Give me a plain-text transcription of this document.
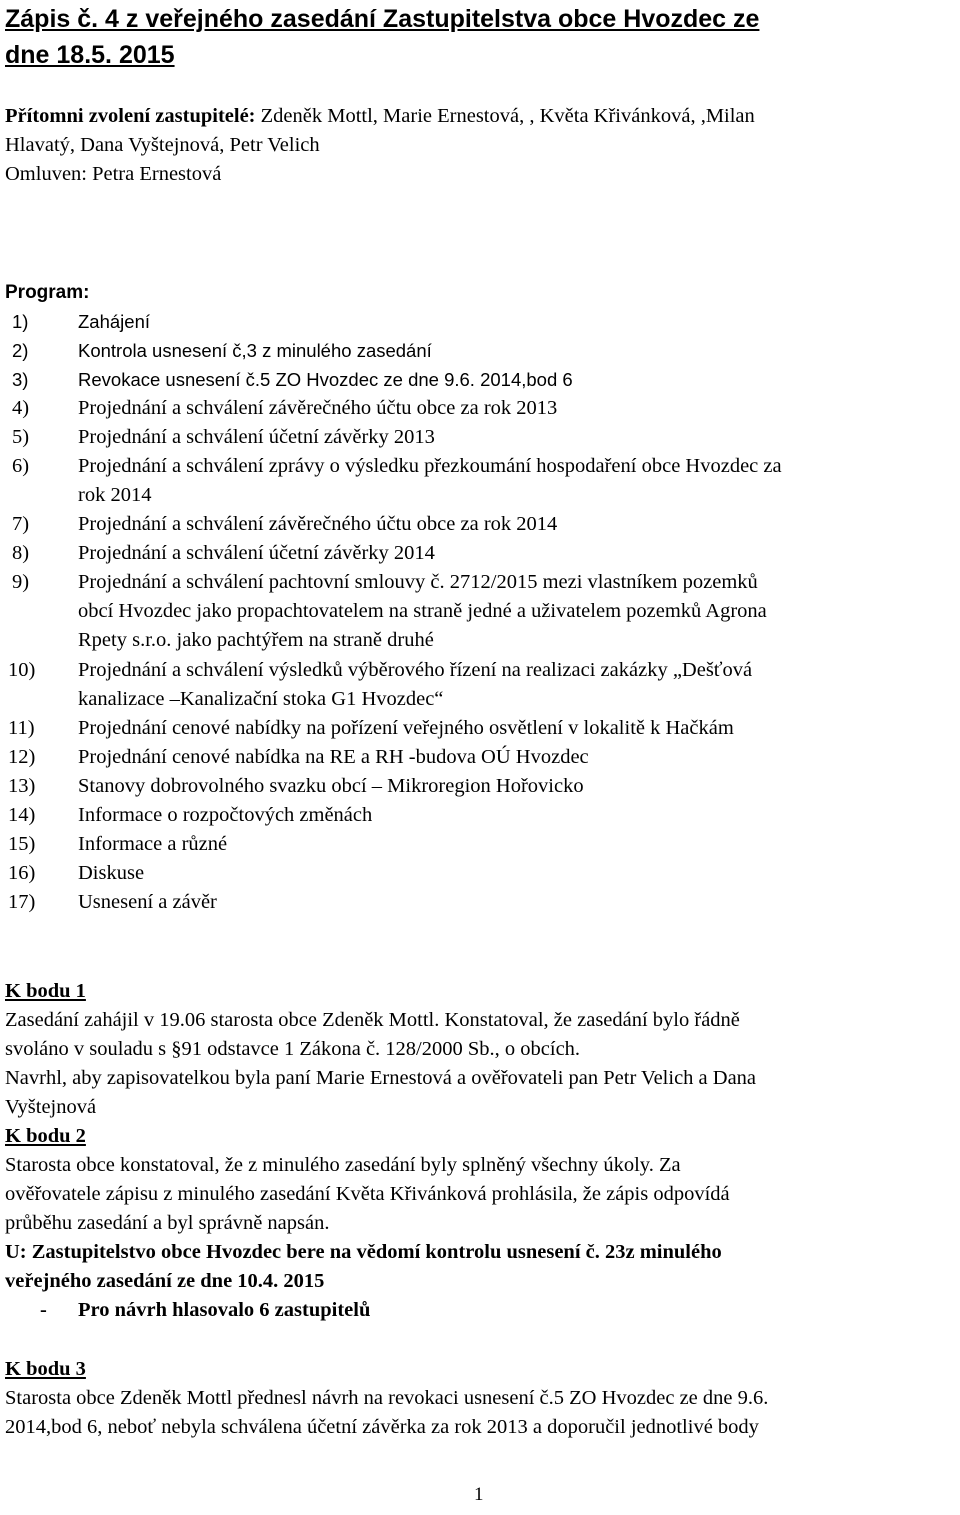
Zápis č. 4 z veřejného zasedání Zastupitelstva obce Hvozdec ze
dne 18.5. 2015
Přítomni zvolení zastupitelé: Zdeněk Mottl, Marie Ernestová, , Květa Křivánková, ,Milan
Hlavatý, Dana Vyštejnová, Petr Velich
Omluven: Petra Ernestová
Program:
1)	Zahájení
2)	Kontrola usnesení č,3 z minulého zasedání
3)	Revokace usnesení č.5 ZO Hvozdec ze dne 9.6. 2014,bod 6
4) Projednání a schválení závěrečného účtu obce za rok 2013
5) Projednání a schválení účetní závěrky 2013
6) Projednání a schválení zprávy o výsledku přezkoumání hospodaření obce Hvozdec za
rok 2014
7) Projednání a schválení závěrečného účtu obce za rok 2014
8) Projednání a schválení účetní závěrky 2014
9) Projednání a schválení pachtovní smlouvy č. 2712/2015 mezi vlastníkem pozemků
obcí Hvozdec jako propachtovatelem na straně jedné a uživatelem pozemků Agrona
Rpety s.r.o. jako pachtýřem na straně druhé
10) Projednání a schválení výsledků výběrového řízení na realizaci zakázky „Dešťová
kanalizace –Kanalizační stoka G1 Hvozdec“
11) Projednání cenové nabídky na pořízení veřejného osvětlení v lokalitě k Hačkám
12) Projednání cenové nabídka na RE a RH -budova OÚ Hvozdec
13) Stanovy dobrovolného svazku obcí – Mikroregion Hořovicko
14) Informace o rozpočtových změnách
15) Informace a různé
16) Diskuse
17) Usnesení a závěr
K bodu 1
Zasedání zahájil v 19.06 starosta obce Zdeněk Mottl. Konstatoval, že zasedání bylo řádně
svoláno v souladu s §91 odstavce 1 Zákona č. 128/2000 Sb., o obcích.
Navrhl, aby zapisovatelkou byla paní Marie Ernestová a ověřovateli pan Petr Velich a Dana
Vyštejnová
K bodu 2
Starosta obce konstatoval, že z minulého zasedání byly splněný všechny úkoly. Za
ověřovatele zápisu z minulého zasedání Květa Křivánková prohlásila, že zápis odpovídá
průběhu zasedání a byl správně napsán.
U: Zastupitelstvo obce Hvozdec bere na vědomí kontrolu usnesení č. 23z minulého
veřejného zasedání ze dne 10.4. 2015
- Pro návrh hlasovalo 6 zastupitelů
K bodu 3
Starosta obce Zdeněk Mottl přednesl návrh na revokaci usnesení č.5 ZO Hvozdec ze dne 9.6.
2014,bod 6, neboť nebyla schválena účetní závěrka za rok 2013 a doporučil jednotlivé body
1
